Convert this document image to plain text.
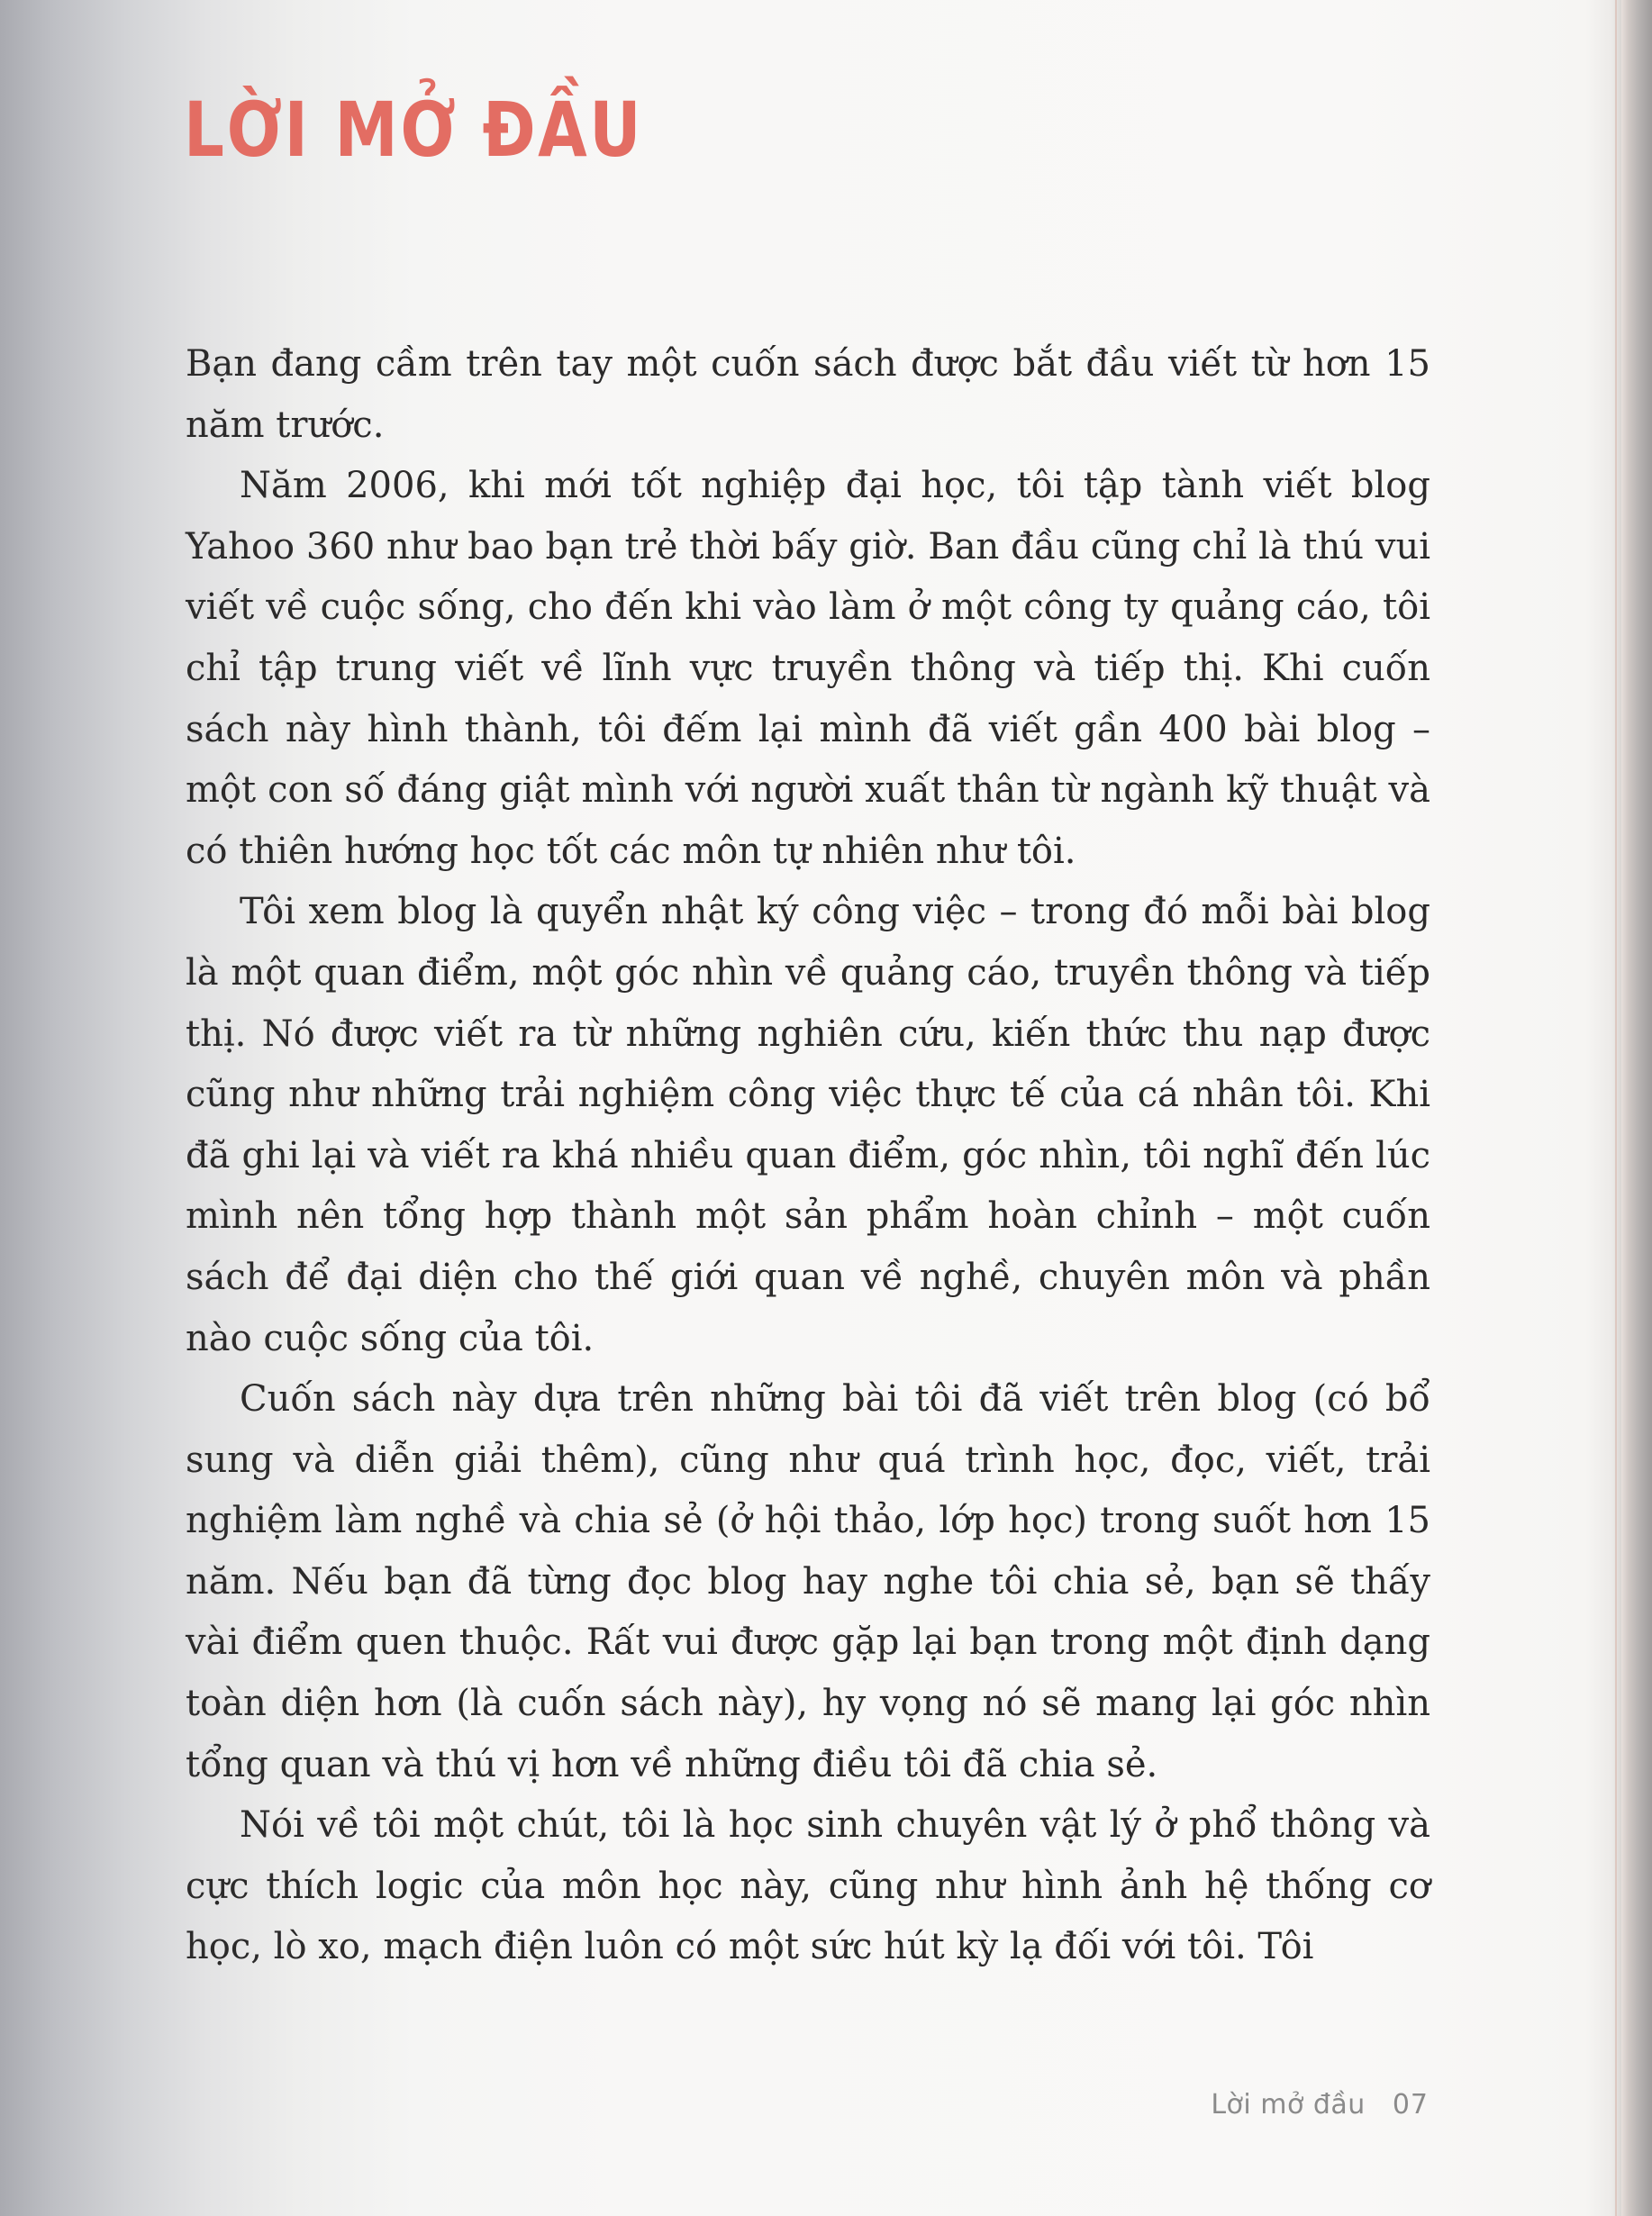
LỜI MỞ ĐẦU

Bạn đang cầm trên tay một cuốn sách được bắt đầu viết từ hơn 15 năm trước.

Năm 2006, khi mới tốt nghiệp đại học, tôi tập tành viết blog Yahoo 360 như bao bạn trẻ thời bấy giờ. Ban đầu cũng chỉ là thú vui viết về cuộc sống, cho đến khi vào làm ở một công ty quảng cáo, tôi chỉ tập trung viết về lĩnh vực truyền thông và tiếp thị. Khi cuốn sách này hình thành, tôi đếm lại mình đã viết gần 400 bài blog – một con số đáng giật mình với người xuất thân từ ngành kỹ thuật và có thiên hướng học tốt các môn tự nhiên như tôi.

Tôi xem blog là quyển nhật ký công việc – trong đó mỗi bài blog là một quan điểm, một góc nhìn về quảng cáo, truyền thông và tiếp thị. Nó được viết ra từ những nghiên cứu, kiến thức thu nạp được cũng như những trải nghiệm công việc thực tế của cá nhân tôi. Khi đã ghi lại và viết ra khá nhiều quan điểm, góc nhìn, tôi nghĩ đến lúc mình nên tổng hợp thành một sản phẩm hoàn chỉnh – một cuốn sách để đại diện cho thế giới quan về nghề, chuyên môn và phần nào cuộc sống của tôi.

Cuốn sách này dựa trên những bài tôi đã viết trên blog (có bổ sung và diễn giải thêm), cũng như quá trình học, đọc, viết, trải nghiệm làm nghề và chia sẻ (ở hội thảo, lớp học) trong suốt hơn 15 năm. Nếu bạn đã từng đọc blog hay nghe tôi chia sẻ, bạn sẽ thấy vài điểm quen thuộc. Rất vui được gặp lại bạn trong một định dạng toàn diện hơn (là cuốn sách này), hy vọng nó sẽ mang lại góc nhìn tổng quan và thú vị hơn về những điều tôi đã chia sẻ.

Nói về tôi một chút, tôi là học sinh chuyên vật lý ở phổ thông và cực thích logic của môn học này, cũng như hình ảnh hệ thống cơ học, lò xo, mạch điện luôn có một sức hút kỳ lạ đối với tôi. Tôi

Lời mở đầu 07
